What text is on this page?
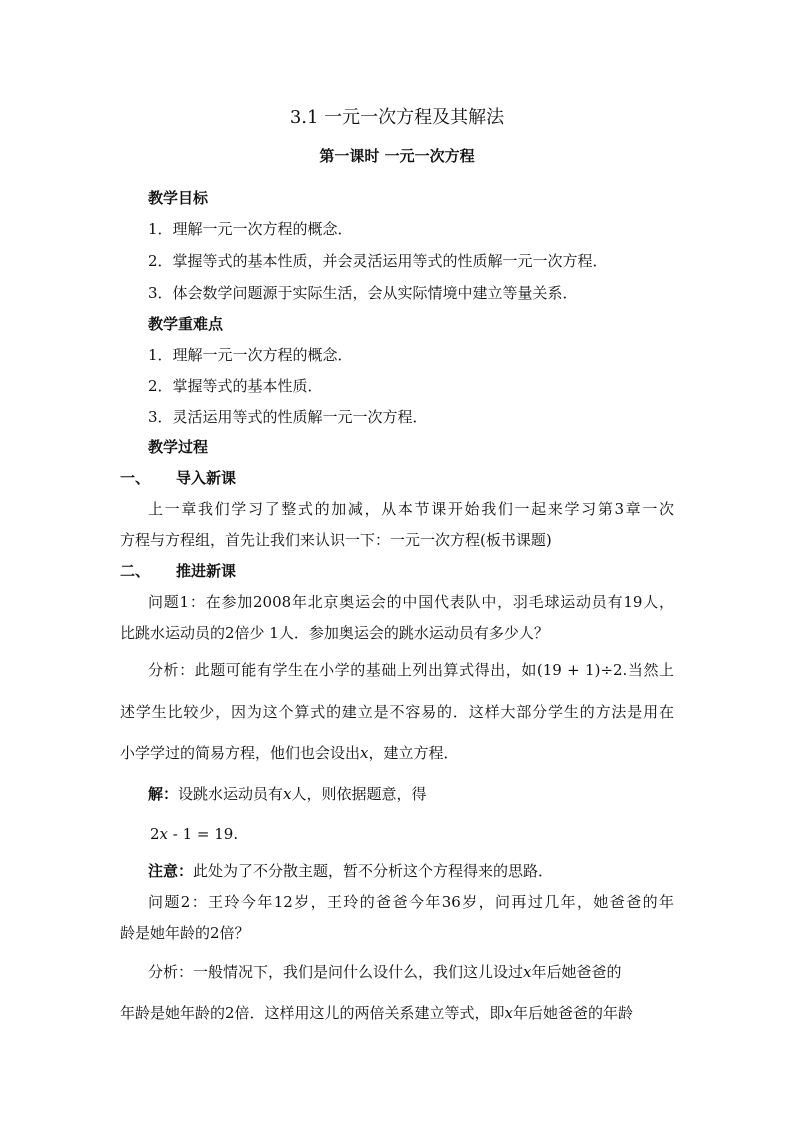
3.1 一元一次方程及其解法
第一课时 一元一次方程
教学目标
1．理解一元一次方程的概念．
2．掌握等式的基本性质，并会灵活运用等式的性质解一元一次方程．
3．体会数学问题源于实际生活，会从实际情境中建立等量关系．
教学重难点
1．理解一元一次方程的概念．
2．掌握等式的基本性质．
3．灵活运用等式的性质解一元一次方程．
教学过程
一、 导入新课
上一章我们学习了整式的加减，从本节课开始我们一起来学习第3章一次
方程与方程组，首先让我们来认识一下：一元一次方程(板书课题)
二、 推进新课
问题1：在参加2008年北京奥运会的中国代表队中，羽毛球运动员有19人，
比跳水运动员的2倍少 1人．参加奥运会的跳水运动员有多少人？
分析：此题可能有学生在小学的基础上列出算式得出，如(19 + 1)÷2.当然上
述学生比较少，因为这个算式的建立是不容易的．这样大部分学生的方法是用在
小学学过的简易方程，他们也会设出x，建立方程．
解：设跳水运动员有x人，则依据题意，得
2x - 1 = 19.
注意：此处为了不分散主题，暂不分析这个方程得来的思路．
问题2：王玲今年12岁，王玲的爸爸今年36岁，问再过几年，她爸爸的年
龄是她年龄的2倍？
分析：一般情况下，我们是问什么设什么，我们这儿设过x年后她爸爸的
年龄是她年龄的2倍．这样用这儿的两倍关系建立等式，即x年后她爸爸的年龄
